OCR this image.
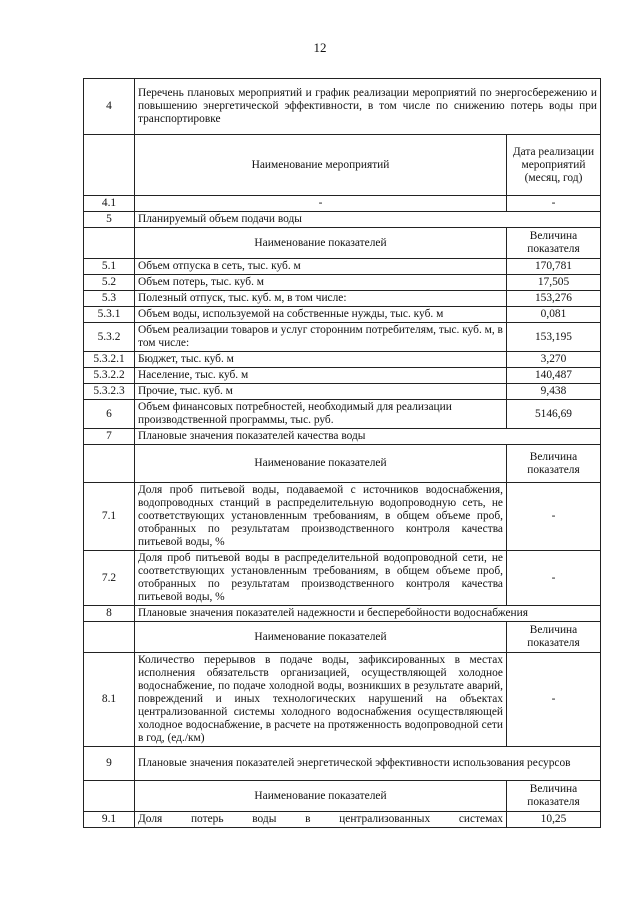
12
4	Перечень плановых мероприятий и график реализации мероприятий по энергосбережению и повышению энергетической эффективности, в том числе по снижению потерь воды при транспортировке	
	Наименование мероприятий	Дата реализации мероприятий (месяц, год)
4.1	-	-
5	Планируемый объем подачи воды	
	Наименование показателей	Величина показателя
5.1	Объем отпуска в сеть, тыс. куб. м	170,781
5.2	Объем потерь, тыс. куб. м	17,505
5.3	Полезный отпуск, тыс. куб. м, в том числе:	153,276
5.3.1	Объем воды, используемой на собственные нужды, тыс. куб. м	0,081
5.3.2	Объем реализации товаров и услуг сторонним потребителям, тыс. куб. м, в том числе:	153,195
5.3.2.1	Бюджет, тыс. куб. м	3,270
5.3.2.2	Население, тыс. куб. м	140,487
5.3.2.3	Прочие, тыс. куб. м	9,438
6	Объем финансовых потребностей, необходимый для реализации производственной программы, тыс. руб.	5146,69
7	Плановые значения показателей качества воды	
	Наименование показателей	Величина показателя
7.1	Доля проб питьевой воды, подаваемой с источников водоснабжения, водопроводных станций в распределительную водопроводную сеть, не соответствующих установленным требованиям, в общем объеме проб, отобранных по результатам производственного контроля качества питьевой воды, %	-
7.2	Доля проб питьевой воды в распределительной водопроводной сети, не соответствующих установленным требованиям, в общем объеме проб, отобранных по результатам производственного контроля качества питьевой воды, %	-
8	Плановые значения показателей надежности и бесперебойности водоснабжения	
	Наименование показателей	Величина показателя
8.1	Количество перерывов в подаче воды, зафиксированных в местах исполнения обязательств организацией, осуществляющей холодное водоснабжение, по подаче холодной воды, возникших в результате аварий, повреждений и иных технологических нарушений на объектах централизованной системы холодного водоснабжения осуществляющей холодное водоснабжение, в расчете на протяженность водопроводной сети в год, (ед./км)	-
9	Плановые значения показателей энергетической эффективности использования ресурсов	
	Наименование показателей	Величина показателя
9.1	Доля потерь воды в централизованных системах	10,25
